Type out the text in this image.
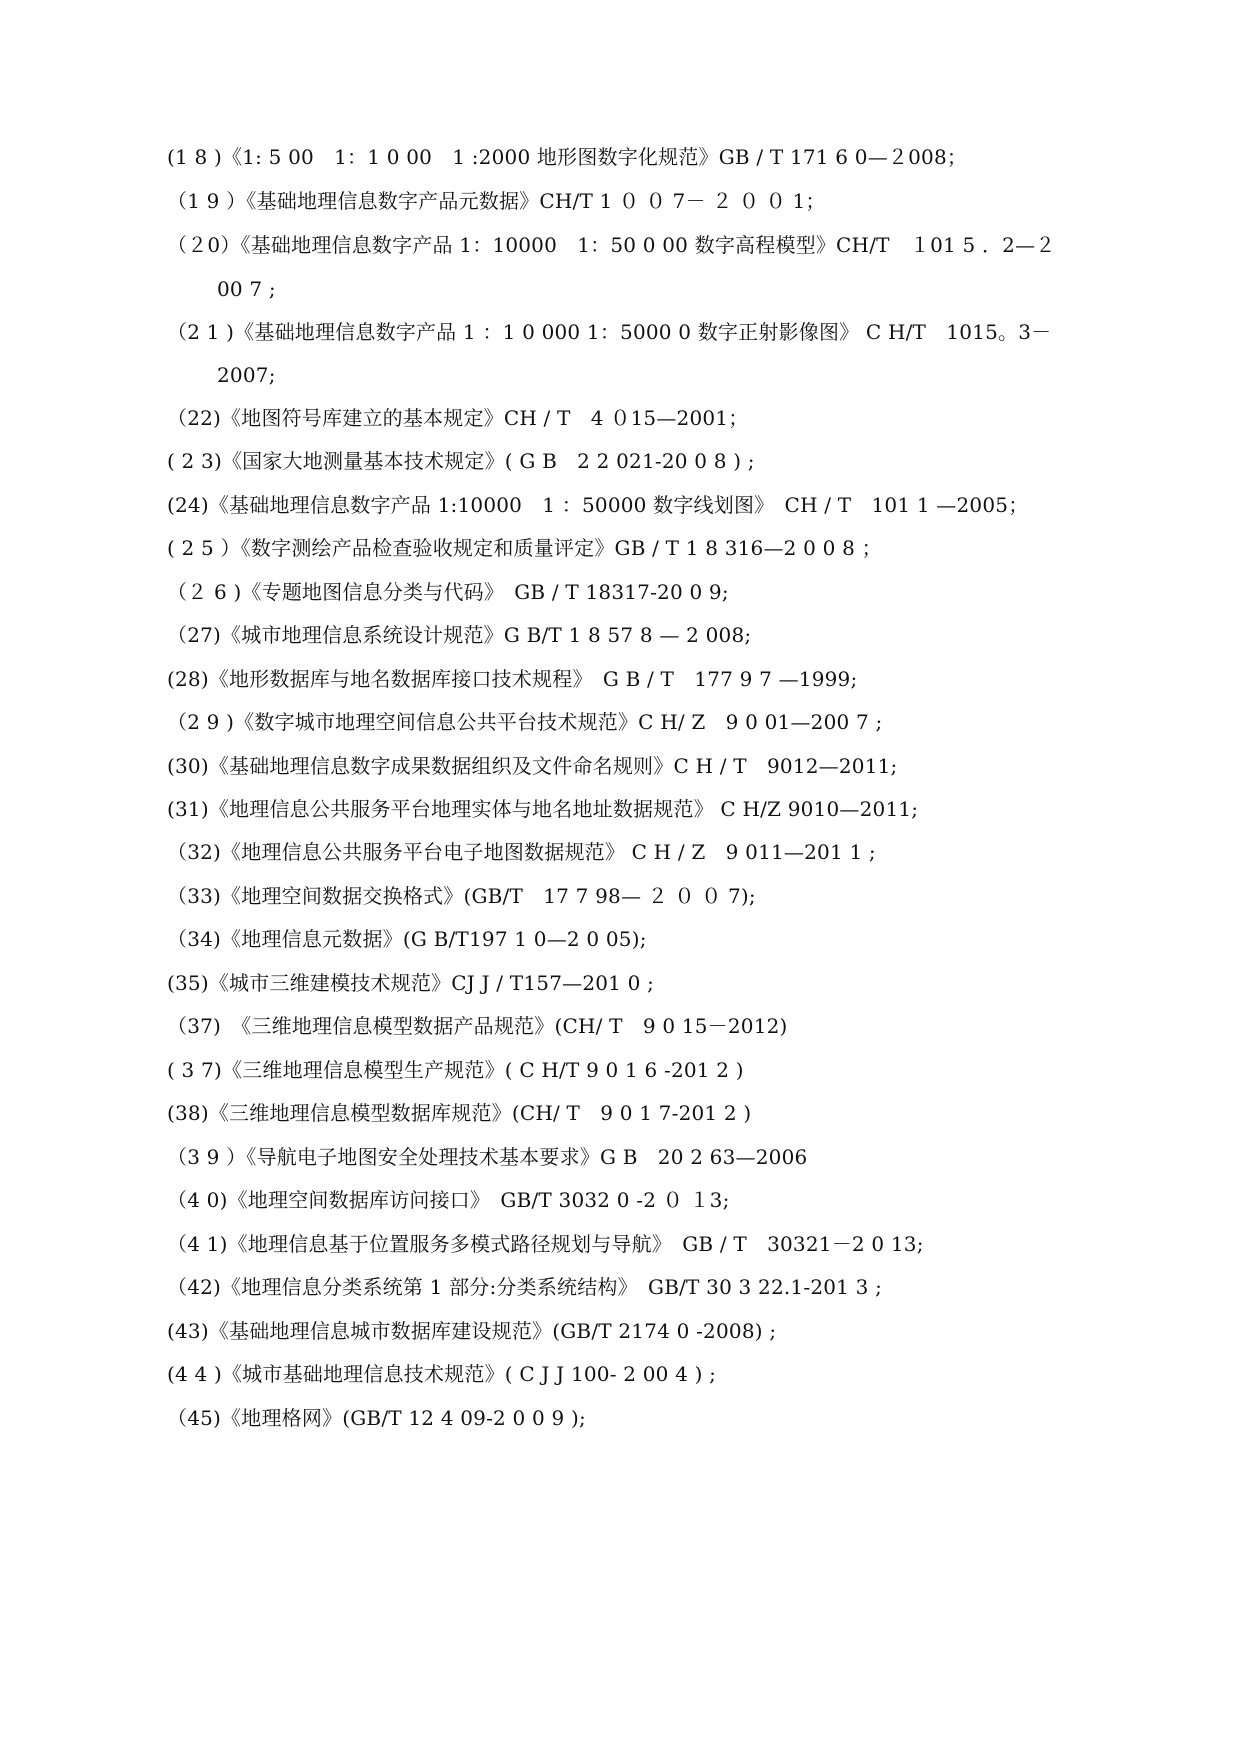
(1 8 )《1: 5 00　1：1 0 00　1 :2000 地形图数字化规范》GB / T 171 6 0—２008；
（1 9 ）《基础地理信息数字产品元数据》CH/T 1 ０ ０ 7－ ２ ０ ０ 1；
（２0）《基础地理信息数字产品 1：10000　1：50 0 00 数字高程模型》CH/T　１01 5 ．2—２
00 7 ;
（2 1 )《基础地理信息数字产品 1 ：1 0 000 1：5000 0 数字正射影像图》 C H/T　1015。3－
2007;
（22)《地图符号库建立的基本规定》CH / T　4 ０15—2001；
( 2 3)《国家大地测量基本技术规定》( G B　2 2 021-20 0 8 ) ;
(24)《基础地理信息数字产品 1:10000　1 ：50000 数字线划图》　CH / T　101 1 —2005；
( 2 5 ）《数字测绘产品检查验收规定和质量评定》GB / T 1 8 316—2 0 0 8 ；
（２ 6 )《专题地图信息分类与代码》　GB / T 18317-20 0 9;
（27)《城市地理信息系统设计规范》G B/T 1 8 57 8 — 2 008;
(28)《地形数据库与地名数据库接口技术规程》　G B / T　177 9 7 —1999;
（2 9 )《数字城市地理空间信息公共平台技术规范》C H/ Z　9 0 01—200 7 ;
(30)《基础地理信息数字成果数据组织及文件命名规则》C H / T　9012—2011;
(31)《地理信息公共服务平台地理实体与地名地址数据规范》 C H/Z 9010—2011;
（32)《地理信息公共服务平台电子地图数据规范》 C H / Z　9 011—201 1 ;
（33)《地理空间数据交换格式》(GB/T　17 7 98— ２ ０ ０ 7);
（34)《地理信息元数据》(G B/T197 1 0—2 0 05);
(35)《城市三维建模技术规范》CJ J / T157—201 0 ;
（37)　《三维地理信息模型数据产品规范》(CH/ T　9 0 15－2012)
( 3 7)《三维地理信息模型生产规范》( C H/T 9 0 1 6 -201 2 )
(38)《三维地理信息模型数据库规范》(CH/ T　9 0 1 7-201 2 )
（3 9 ）《导航电子地图安全处理技术基本要求》G B　20 2 63—2006
（4 0)《地理空间数据库访问接口》　GB/T 3032 0 -2 ０ １3;
（4 1)《地理信息基于位置服务多模式路径规划与导航》　GB / T　30321－2 0 13;
（42)《地理信息分类系统第 1 部分:分类系统结构》　GB/T 30 3 22.1-201 3 ;
(43)《基础地理信息城市数据库建设规范》(GB/T 2174 0 -2008) ;
(4 4 )《城市基础地理信息技术规范》( C J J 100- 2 00 4 ) ;
（45)《地理格网》(GB/T 12 4 09-2 0 0 9 );
